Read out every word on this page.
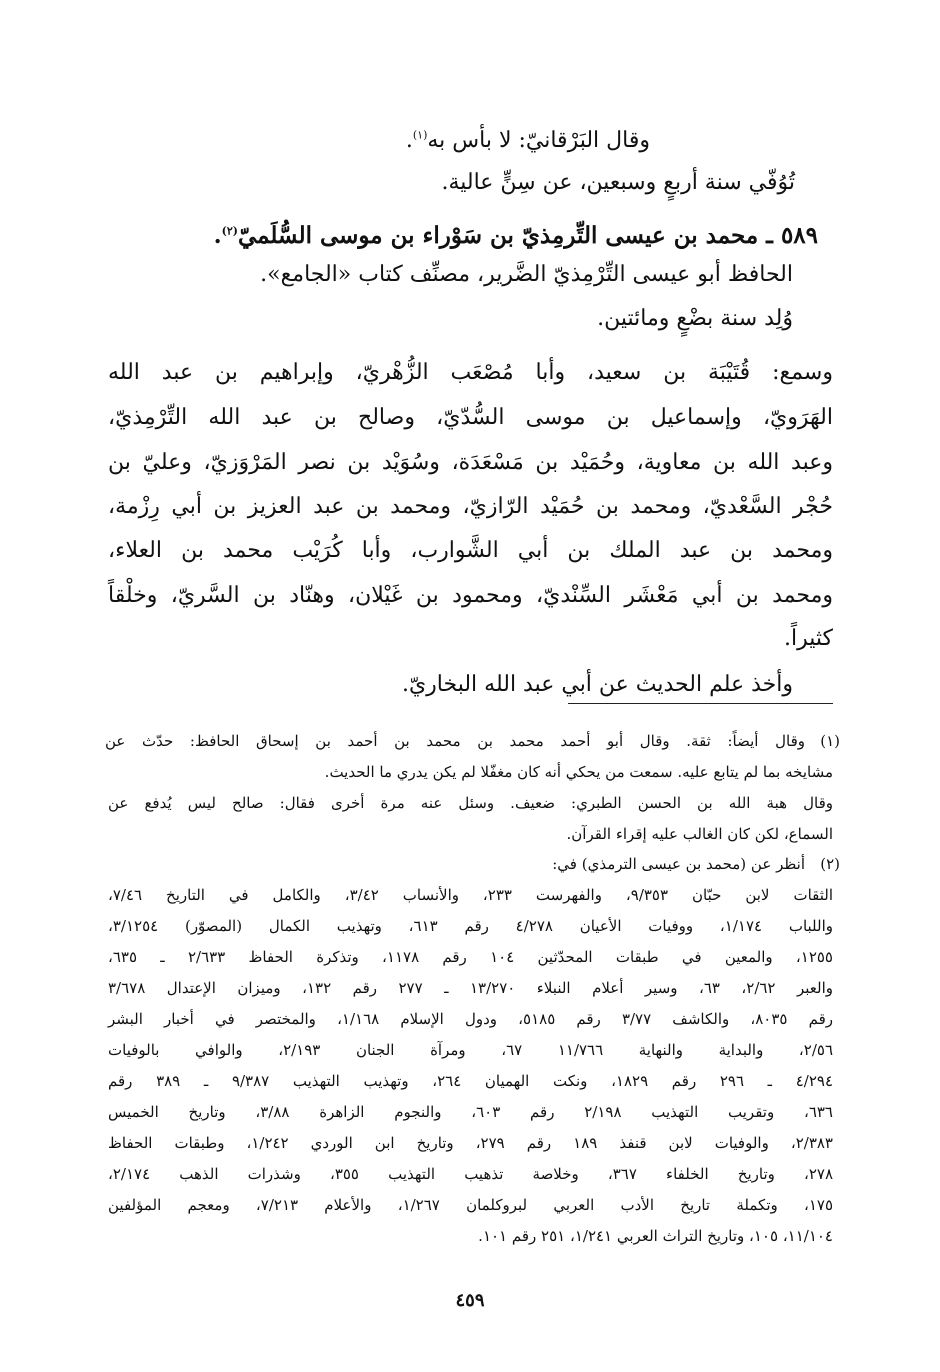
وقال البَرْقانيّ: لا بأس به$^{(١)}$.
تُوُفّي سنة أربعٍ وسبعين، عن سِنٍّ عالية.
٥٨٩ ـ محمد بن عيسى التِّرمِذيّ بن سَوْراء بن موسى السُّلَميّ$^{(٢)}$.
الحافظ أبو عيسى التِّرْمِذيّ الضَّرير، مصنِّف كتاب «الجامع».
وُلِد سنة بضْعٍ ومائتين.
وسمع: قُتَيْبَة بن سعيد، وأبا مُصْعَب الزُّهْريّ، وإبراهيم بن عبد الله
الهَرَويّ، وإسماعيل بن موسى السُّدّيّ، وصالح بن عبد الله التِّرْمِذيّ،
وعبد الله بن معاوية، وحُمَيْد بن مَسْعَدَة، وسُوَيْد بن نصر المَرْوَزيّ، وعليّ بن
حُجْر السَّعْديّ، ومحمد بن حُمَيْد الرّازيّ، ومحمد بن عبد العزيز بن أبي رِزْمة،
ومحمد بن عبد الملك بن أبي الشَّوارب، وأبا كُرَيْب محمد بن العلاء،
ومحمد بن أبي مَعْشَر السِّنْديّ، ومحمود بن غَيْلان، وهنّاد بن السَّريّ، وخلْقاً
كثيراً.
وأخذ علم الحديث عن أبي عبد الله البخاريّ.
(١)
وقال أيضاً: ثقة. وقال أبو أحمد محمد بن محمد بن أحمد بن إسحاق الحافظ: حدّث عن
مشايخه بما لم يتابع عليه. سمعت من يحكي أنه كان مغفّلا لم يكن يدري ما الحديث.
وقال هبة الله بن الحسن الطبري: ضعيف. وسئل عنه مرة أخرى فقال: صالح ليس يُدفع عن
السماع، لكن كان الغالب عليه إقراء القرآن.
(٢)
أنظر عن (محمد بن عيسى الترمذي) في:
الثقات لابن حبّان ٩/٣٥٣، والفهرست ٢٣٣، والأنساب ٣/٤٢، والكامل في التاريخ ٧/٤٦،
واللباب ١/١٧٤، ووفيات الأعيان ٤/٢٧٨ رقم ٦١٣، وتهذيب الكمال (المصوّر) ٣/١٢٥٤،
١٢٥٥، والمعين في طبقات المحدّثين ١٠٤ رقم ١١٧٨، وتذكرة الحفاظ ٢/٦٣٣ ـ ٦٣٥،
والعبر ٢/٦٢، ٦٣، وسير أعلام النبلاء ١٣/٢٧٠ ـ ٢٧٧ رقم ١٣٢، وميزان الإعتدال ٣/٦٧٨
رقم ٨٠٣٥، والكاشف ٣/٧٧ رقم ٥١٨٥، ودول الإسلام ١/١٦٨، والمختصر في أخبار البشر
٢/٥٦، والبداية والنهاية ١١/٧٦٦ ٦٧، ومرآة الجنان ٢/١٩٣، والوافي بالوفيات
٤/٢٩٤ ـ ٢٩٦ رقم ١٨٢٩، ونكت الهميان ٢٦٤، وتهذيب التهذيب ٩/٣٨٧ ـ ٣٨٩ رقم
٦٣٦، وتقريب التهذيب ٢/١٩٨ رقم ٦٠٣، والنجوم الزاهرة ٣/٨٨، وتاريخ الخميس
٢/٣٨٣، والوفيات لابن قنفذ ١٨٩ رقم ٢٧٩، وتاريخ ابن الوردي ١/٢٤٢، وطبقات الحفاظ
٢٧٨، وتاريخ الخلفاء ٣٦٧، وخلاصة تذهيب التهذيب ٣٥٥، وشذرات الذهب ٢/١٧٤،
١٧٥، وتكملة تاريخ الأدب العربي لبروكلمان ١/٢٦٧، والأعلام ٧/٢١٣، ومعجم المؤلفين
١١/١٠٤، ١٠٥، وتاريخ التراث العربي ١/٢٤١، ٢٥١ رقم ١٠١.
٤٥٩
